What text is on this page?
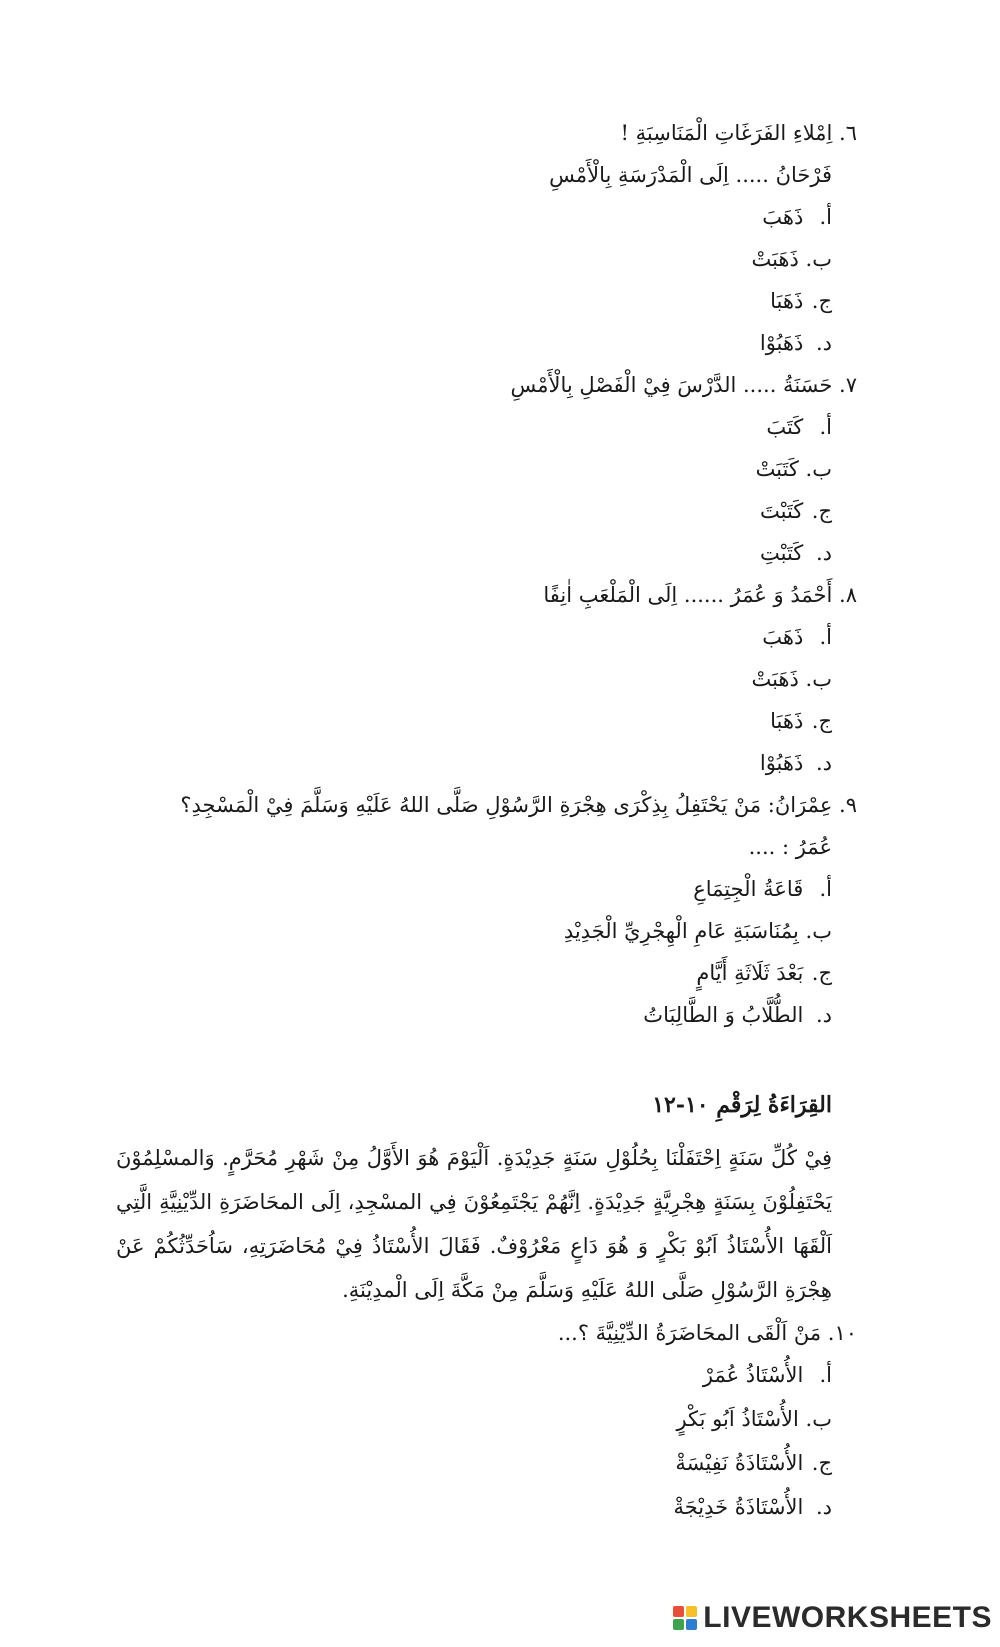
٦. اِمْلاءِ الفَرَغَاتِ الْمَنَاسِبَةِ !
فَرْحَانُ ..... اِلَى الْمَدْرَسَةِ بِالْأَمْسِ
أ. ذَهَبَ
ب. ذَهَبَتْ
ج. ذَهَبَا
د. ذَهَبُوْا
٧. حَسَنَةُ ..... الدَّرْسَ فِيْ الْفَصْلِ بِالْأَمْسِ
أ. كَتَبَ
ب. كَتَبَتْ
ج. كَتَبْتَ
د. كَتَبْتِ
٨. أَحْمَدُ وَ عُمَرُ ...... اِلَى الْمَلْعَبِ اٰنِفًا
أ. ذَهَبَ
ب. ذَهَبَتْ
ج. ذَهَبَا
د. ذَهَبُوْا
٩. عِمْرَانُ: مَنْ يَحْتَفِلُ بِذِكْرَى هِجْرَةِ الرَّسُوْلِ صَلَّى اللهُ عَلَيْهِ وَسَلَّمَ فِيْ الْمَسْجِدِ؟
عُمَرُ : ....
أ. قَاعَةُ الْجِتِمَاعِ
ب. بِمُنَاسَبَةِ عَامِ الْهِجْرِيِّ الْجَدِيْدِ
ج. بَعْدَ ثَلَاثَةِ أَيَّامٍ
د. الطُّلَّابُ وَ الطَّالِبَاتُ
القِرَاءَةُ لِرَقْمِ ١٠-١٢
فِيْ كُلِّ سَنَةٍ اِحْتَفَلْنَا بِحُلُوْلِ سَنَةٍ جَدِيْدَةٍ. اَلْيَوْمَ هُوَ الأَوَّلُ مِنْ شَهْرِ مُحَرَّمٍ. وَالمسْلِمُوْنَ يَحْتَفِلُوْنَ بِسَنَةٍ هِجْرِيَّةٍ جَدِيْدَةٍ. اِنَّهُمْ يَجْتَمِعُوْنَ فِي المسْجِدِ، اِلَى المحَاضَرَةِ الدِّيْنِيَّةِ الَّتِي اَلْقَهَا الأُسْتَاذُ اَبُوْ بَكْرٍ وَ هُوَ دَاعٍ مَعْرُوْفٌ. فَقَالَ الأُسْتَاذُ فِيْ مُحَاضَرَتِهِ، سَاُحَدِّثُكُمْ عَنْ هِجْرَةِ الرَّسُوْلِ صَلَّى اللهُ عَلَيْهِ وَسَلَّمَ مِنْ مَكَّةَ اِلَى الْمدِيْنَةِ.
١٠. مَنْ اَلْقَى المحَاضَرَةُ الدِّيْنِيَّةَ ؟...
أ. الأُسْتَاذُ عُمَرْ
ب. الأُسْتَاذُ اَبُو بَكْرٍ
ج. الأُسْتَاذَةُ نَفِيْسَةْ
د. الأُسْتَاذَةُ خَدِيْجَةْ
LIVEWORKSHEETS
